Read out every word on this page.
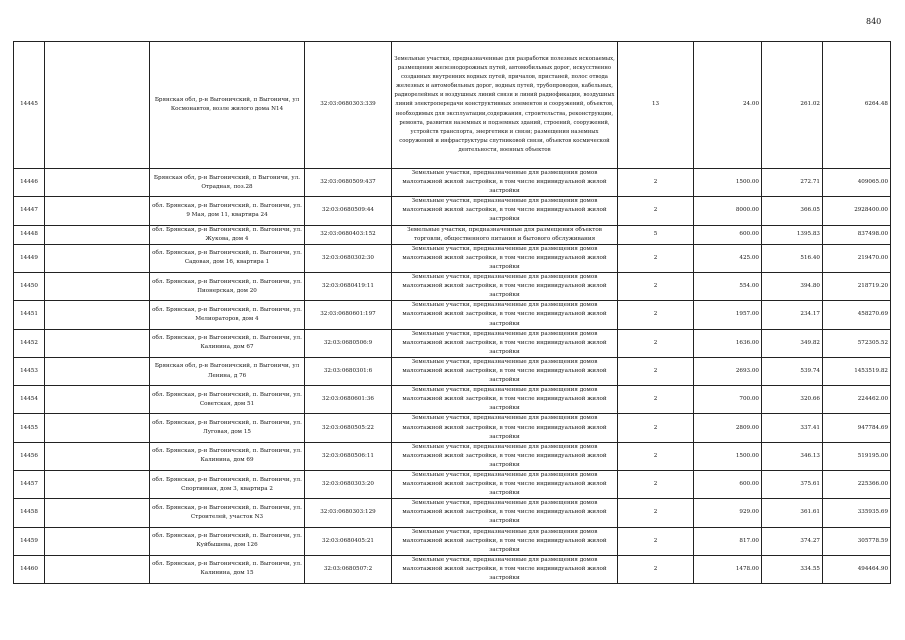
840
14445		Брянская обл, р-н Выгоничский, п Выгоничи, ул Космонавтов, возле жилого дома N14	32:03:0680303:339	Земельные участки, предназначенные для разработки полезных ископаемых, размещения железнодорожных путей, автомобильных дорог, искусственно созданных внутренних водных путей, причалов, пристаней, полос отвода железных и автомобильных дорог, водных путей, трубопроводов, кабельных, радиорелейных и воздушных линий связи и линий радиофикации, воздушных линий электропередачи конструктивных элементов и сооружений, объектов, необходимых для эксплуатации,содержания, строительства, реконструкции, ремонта, развития наземных и подземных зданий, строений, сооружений, устройств транспорта, энергетики и связи; размещения наземных сооружений и инфраструктуры спутниковой связи, объектов космической деятельности, военных объектов	13	24.00	261.02	6264.48
14446		Брянская обл, р-н Выгоничский, п Выгоничи, ул. Отрадная, поз.28	32:03:0680509:437	Земельные участки, предназначенные для размещения домов малоэтажной жилой застройки, в том числе индивидуальной жилой застройки	2	1500.00	272.71	409065.00
14447		обл. Брянская, р-н Выгоничский, п. Выгоничи, ул. 9 Мая, дом 11, квартира 24	32:03:0680509:44	Земельные участки, предназначенные для размещения домов малоэтажной жилой застройки, в том числе индивидуальной жилой застройки	2	8000.00	366.05	2928400.00
14448		обл. Брянская, р-н Выгоничский, п. Выгоничи, ул. Жукова, дом 4	32:03:0680403:152	Земельные участки, предназначенные для размещения объектов торговли, общественного питания и бытового обслуживания	5	600.00	1395.83	837498.00
14449		обл. Брянская, р-н Выгоничский, п. Выгоничи, ул. Садовая, дом 16, квартира 1	32:03:0680302:30	Земельные участки, предназначенные для размещения домов малоэтажной жилой застройки, в том числе индивидуальной жилой застройки	2	425.00	516.40	219470.00
14450		обл. Брянская, р-н Выгоничский, п. Выгоничи, ул. Пионерская, дом 20	32:03:0680419:11	Земельные участки, предназначенные для размещения домов малоэтажной жилой застройки, в том числе индивидуальной жилой застройки	2	554.00	394.80	218719.20
14451		обл. Брянская, р-н Выгоничский, п. Выгоничи, ул. Мелиораторов, дом 4	32:03:0680601:197	Земельные участки, предназначенные для размещения домов малоэтажной жилой застройки, в том числе индивидуальной жилой застройки	2	1957.00	234.17	458270.69
14452		обл. Брянская, р-н Выгоничский, п. Выгоничи, ул. Калинина, дом 67	32:03:0680506:9	Земельные участки, предназначенные для размещения домов малоэтажной жилой застройки, в том числе индивидуальной жилой застройки	2	1636.00	349.82	572305.52
14453		Брянская обл, р-н Выгоничский, п Выгоничи, ул Ленина, д 76	32:03:0680301:6	Земельные участки, предназначенные для размещения домов малоэтажной жилой застройки, в том числе индивидуальной жилой застройки	2	2693.00	539.74	1453519.82
14454		обл. Брянская, р-н Выгоничский, п. Выгоничи, ул. Советская, дом 51	32:03:0680601:36	Земельные участки, предназначенные для размещения домов малоэтажной жилой застройки, в том числе индивидуальной жилой застройки	2	700.00	320.66	224462.00
14455		обл. Брянская, р-н Выгоничский, п. Выгоничи, ул. Луговая, дом 15	32:03:0680505:22	Земельные участки, предназначенные для размещения домов малоэтажной жилой застройки, в том числе индивидуальной жилой застройки	2	2809.00	337.41	947784.69
14456		обл. Брянская, р-н Выгоничский, п. Выгоничи, ул. Калинина, дом 69	32:03:0680506:11	Земельные участки, предназначенные для размещения домов малоэтажной жилой застройки, в том числе индивидуальной жилой застройки	2	1500.00	346.13	519195.00
14457		обл. Брянская, р-н Выгоничский, п. Выгоничи, ул. Спортивная, дом 3, квартира 2	32:03:0680303:20	Земельные участки, предназначенные для размещения домов малоэтажной жилой застройки, в том числе индивидуальной жилой застройки	2	600.00	375.61	225366.00
14458		обл. Брянская, р-н Выгоничский, п. Выгоничи, ул. Строителей, участок N3	32:03:0680303:129	Земельные участки, предназначенные для размещения домов малоэтажной жилой застройки, в том числе индивидуальной жилой застройки	2	929.00	361.61	335935.69
14459		обл. Брянская, р-н Выгоничский, п. Выгоничи, ул. Куйбышева, дом 126	32:03:0680405:21	Земельные участки, предназначенные для размещения домов малоэтажной жилой застройки, в том числе индивидуальной жилой застройки	2	817.00	374.27	305778.59
14460		обл. Брянская, р-н Выгоничский, п. Выгоничи, ул. Калинина, дом 15	32:03:0680507:2	Земельные участки, предназначенные для размещения домов малоэтажной жилой застройки, в том числе индивидуальной жилой застройки	2	1478.00	334.55	494464.90
